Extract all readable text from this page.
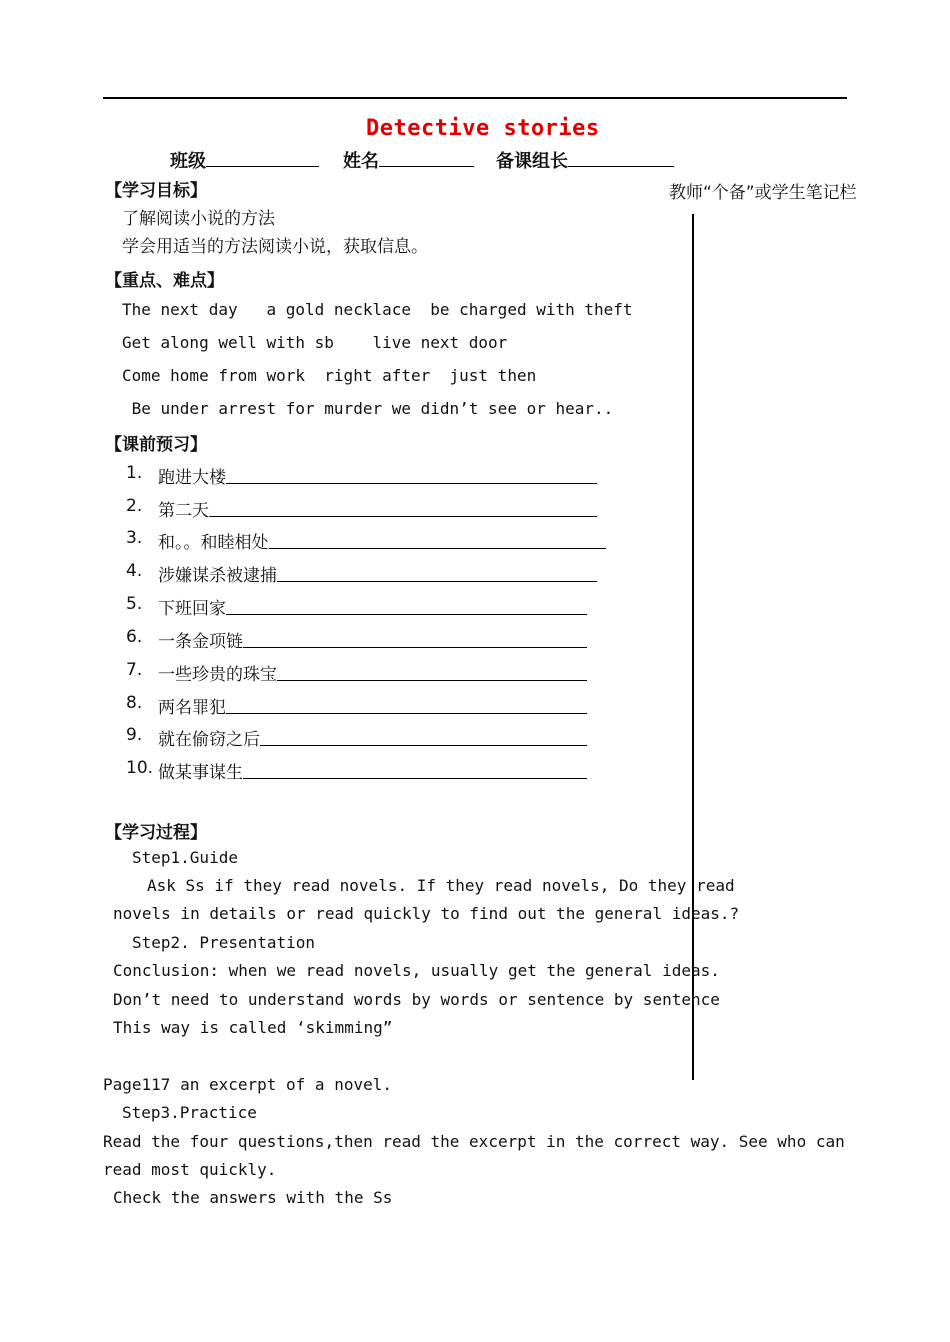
Detective stories
班级	姓名	备课组长
教师“个备”或学生笔记栏
【学习目标】
了解阅读小说的方法
学会用适当的方法阅读小说，获取信息。
【重点、难点】
The next day   a gold necklace  be charged with theft
Get along well with sb    live next door
Come home from work  right after  just then
Be under arrest for murder we didn’t see or hear..
【课前预习】
1. 跑进大楼
2. 第二天
3. 和。。和睦相处
4. 涉嫌谋杀被逮捕
5. 下班回家
6. 一条金项链
7. 一些珍贵的珠宝
8. 两名罪犯
9. 就在偷窃之后
10. 做某事谋生
【学习过程】
Step1.Guide
Ask Ss if they read novels. If they read novels, Do they read
novels in details or read quickly to find out the general ideas.?
Step2. Presentation
Conclusion: when we read novels, usually get the general ideas.
Don’t need to understand words by words or sentence by sentence
This way is called ‘skimming”
Page117 an excerpt of a novel.
Step3.Practice
Read the four questions,then read the excerpt in the correct way. See who can
read most quickly.
Check the answers with the Ss
